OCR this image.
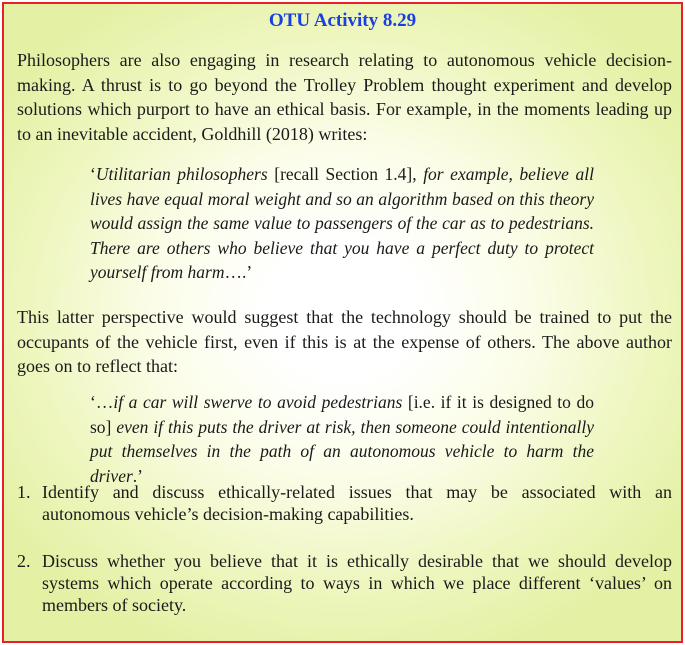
OTU Activity 8.29

Philosophers are also engaging in research relating to autonomous vehicle decision-making. A thrust is to go beyond the Trolley Problem thought experiment and develop solutions which purport to have an ethical basis. For example, in the moments leading up to an inevitable accident, Goldhill (2018) writes:

‘Utilitarian philosophers [recall Section 1.4], for example, believe all lives have equal moral weight and so an algorithm based on this theory would assign the same value to passengers of the car as to pedestrians. There are others who believe that you have a perfect duty to protect yourself from harm….’

This latter perspective would suggest that the technology should be trained to put the occupants of the vehicle first, even if this is at the expense of others. The above author goes on to reflect that:

‘…if a car will swerve to avoid pedestrians [i.e. if it is designed to do so] even if this puts the driver at risk, then someone could intentionally put themselves in the path of an autonomous vehicle to harm the driver.’

1. Identify and discuss ethically-related issues that may be associated with an autonomous vehicle’s decision-making capabilities.
2. Discuss whether you believe that it is ethically desirable that we should develop systems which operate according to ways in which we place different ‘values’ on members of society.
